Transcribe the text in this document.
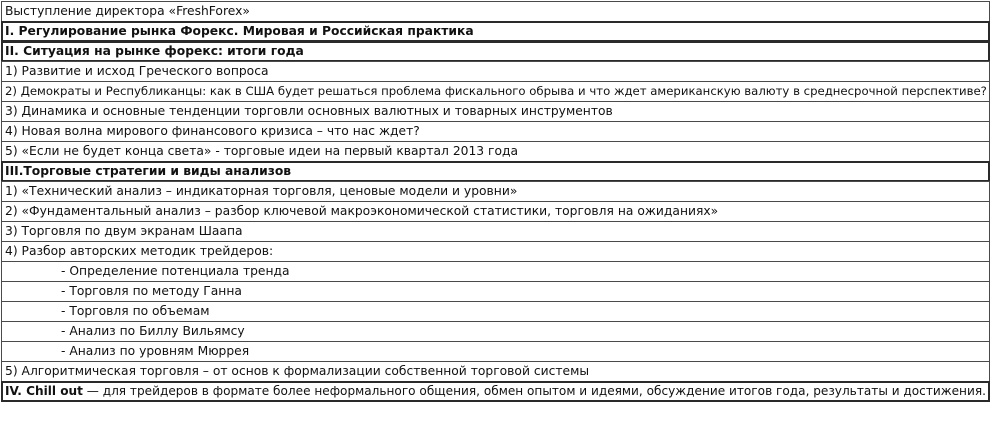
Выступление директора «FreshForex»
I. Регулирование рынка Форекс. Мировая и Российская практика
II. Ситуация на рынке форекс: итоги года
1) Развитие и исход Греческого вопроса
2) Демократы и Республиканцы: как в США будет решаться проблема фискального обрыва и что ждет американскую валюту в среднесрочной перспективе?
3) Динамика и основные тенденции торговли основных валютных и товарных инструментов
4) Новая волна мирового финансового кризиса – что нас ждет?
5) «Если не будет конца света» - торговые идеи на первый квартал 2013 года
III.Торговые стратегии и виды анализов
1) «Технический анализ – индикаторная торговля, ценовые модели и уровни»
2) «Фундаментальный анализ – разбор ключевой макроэкономической статистики, торговля на ожиданиях»
3) Торговля по двум экранам Шаапа
4) Разбор авторских методик трейдеров:
- Определение потенциала тренда
- Торговля по методу Ганна
- Торговля по объемам
- Анализ по Биллу Вильямсу
- Анализ по уровням Мюррея
5) Алгоритмическая торговля – от основ к формализации собственной торговой системы
IV. Chill out — для трейдеров в формате более неформального общения, обмен опытом и идеями, обсуждение итогов года, результаты и достижения.
